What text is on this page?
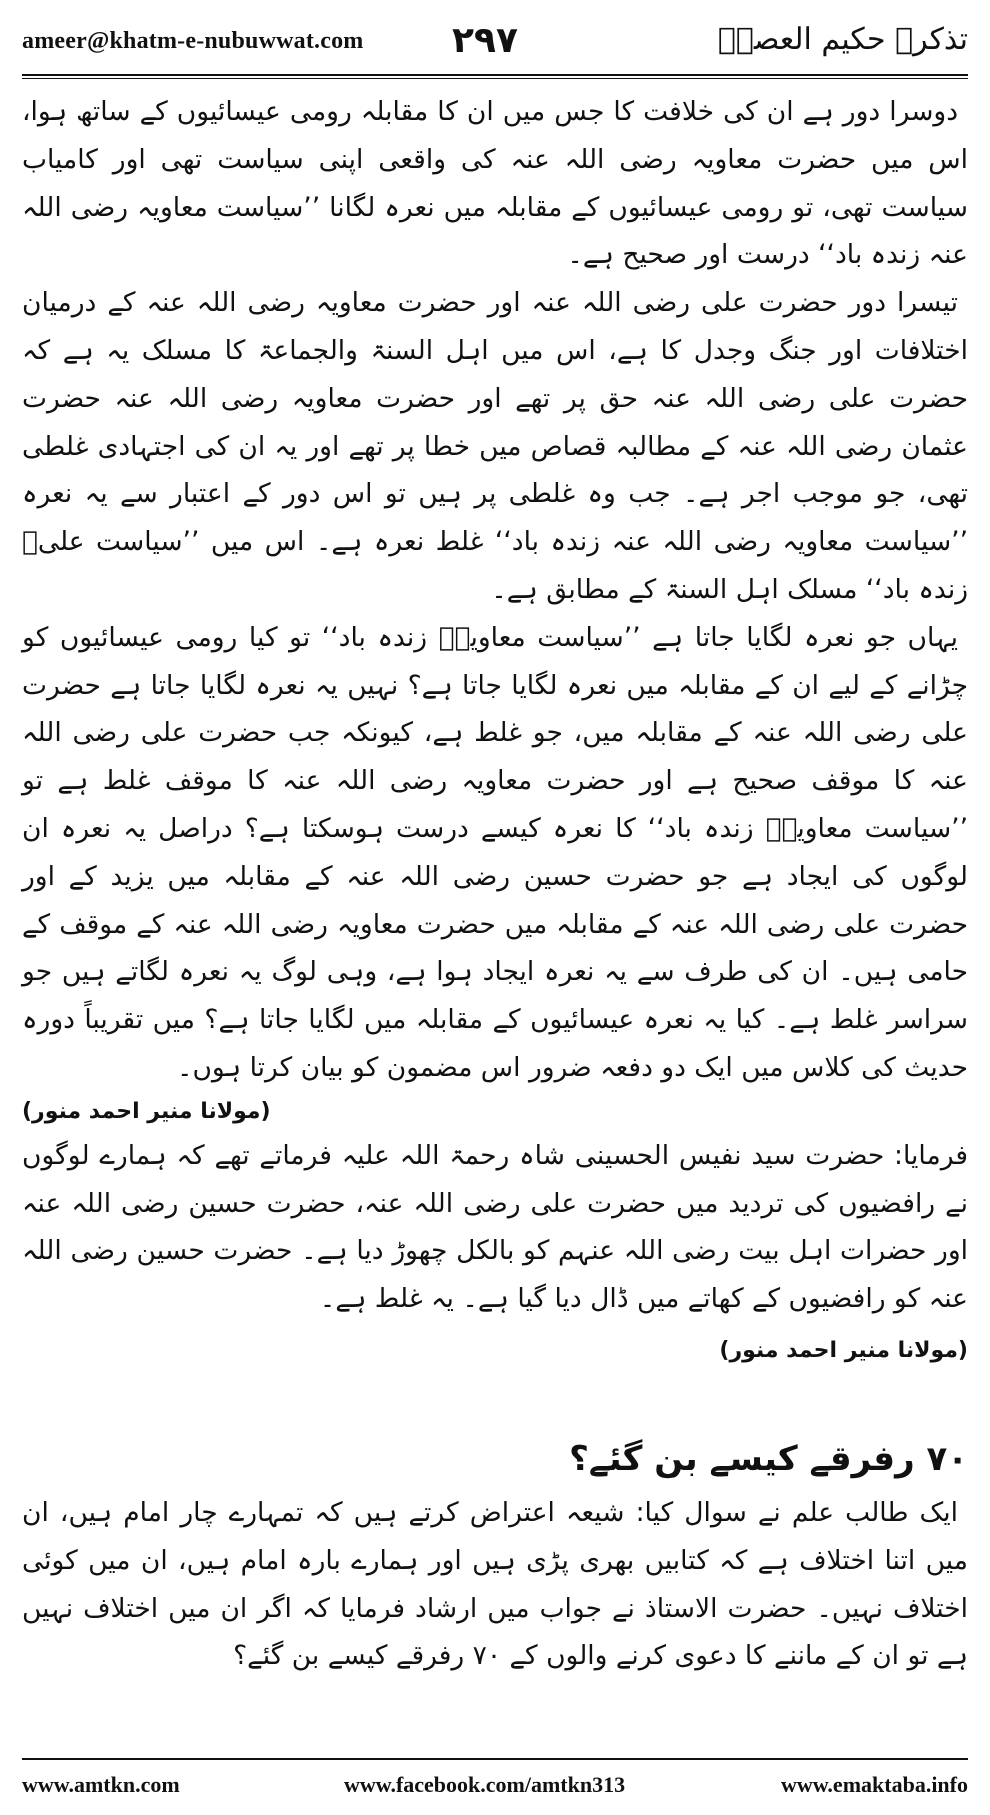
ameer@khatm-e-nubuwwat.com ۲۹۷	تذکرہ حکیم العصرؒ

دوسرا دور ہے ان کی خلافت کا جس میں ان کا مقابلہ رومی عیسائیوں کے ساتھ ہوا، اس میں حضرت معاویہ رضی اللہ عنہ کی واقعی اپنی سیاست تھی اور کامیاب سیاست تھی، تو رومی عیسائیوں کے مقابلہ میں نعرہ لگانا ’’سیاست معاویہ رضی اللہ عنہ زندہ باد‘‘ درست اور صحیح ہے۔

تیسرا دور حضرت علی رضی اللہ عنہ اور حضرت معاویہ رضی اللہ عنہ کے درمیان اختلافات اور جنگ وجدل کا ہے، اس میں اہل السنۃ والجماعۃ کا مسلک یہ ہے کہ حضرت علی رضی اللہ عنہ حق پر تھے اور حضرت معاویہ رضی اللہ عنہ حضرت عثمان رضی اللہ عنہ کے مطالبہ قصاص میں خطا پر تھے اور یہ ان کی اجتہادی غلطی تھی، جو موجب اجر ہے۔ جب وہ غلطی پر ہیں تو اس دور کے اعتبار سے یہ نعرہ ’’سیاست معاویہ رضی اللہ عنہ زندہ باد‘‘ غلط نعرہ ہے۔ اس میں ’’سیاست علیؓ زندہ باد‘‘ مسلک اہل السنۃ کے مطابق ہے۔

یہاں جو نعرہ لگایا جاتا ہے ’’سیاست معاویہؓ زندہ باد‘‘ تو کیا رومی عیسائیوں کو چڑانے کے لیے ان کے مقابلہ میں نعرہ لگایا جاتا ہے؟ نہیں یہ نعرہ لگایا جاتا ہے حضرت علی رضی اللہ عنہ کے مقابلہ میں، جو غلط ہے، کیونکہ جب حضرت علی رضی اللہ عنہ کا موقف صحیح ہے اور حضرت معاویہ رضی اللہ عنہ کا موقف غلط ہے تو ’’سیاست معاویہؓ زندہ باد‘‘ کا نعرہ کیسے درست ہوسکتا ہے؟ دراصل یہ نعرہ ان لوگوں کی ایجاد ہے جو حضرت حسین رضی اللہ عنہ کے مقابلہ میں یزید کے اور حضرت علی رضی اللہ عنہ کے مقابلہ میں حضرت معاویہ رضی اللہ عنہ کے موقف کے حامی ہیں۔ ان کی طرف سے یہ نعرہ ایجاد ہوا ہے، وہی لوگ یہ نعرہ لگاتے ہیں جو سراسر غلط ہے۔ کیا یہ نعرہ عیسائیوں کے مقابلہ میں لگایا جاتا ہے؟ میں تقریباً دورہ حدیث کی کلاس میں ایک دو دفعہ ضرور اس مضمون کو بیان کرتا ہوں۔

(مولانا منیر احمد منور)

فرمایا: حضرت سید نفیس الحسینی شاہ رحمۃ اللہ علیہ فرماتے تھے کہ ہمارے لوگوں نے رافضیوں کی تردید میں حضرت علی رضی اللہ عنہ، حضرت حسین رضی اللہ عنہ اور حضرات اہل بیت رضی اللہ عنہم کو بالکل چھوڑ دیا ہے۔ حضرت حسین رضی اللہ عنہ کو رافضیوں کے کھاتے میں ڈال دیا گیا ہے۔ یہ غلط ہے۔

(مولانا منیر احمد منور)
۷۰ رفرقے کیسے بن گئے؟

ایک طالب علم نے سوال کیا: شیعہ اعتراض کرتے ہیں کہ تمہارے چار امام ہیں، ان میں اتنا اختلاف ہے کہ کتابیں بھری پڑی ہیں اور ہمارے بارہ امام ہیں، ان میں کوئی اختلاف نہیں۔ حضرت الاستاذ نے جواب میں ارشاد فرمایا کہ اگر ان میں اختلاف نہیں ہے تو ان کے ماننے کا دعوی کرنے والوں کے ۷۰ رفرقے کیسے بن گئے؟

www.amtkn.com	www.facebook.com/amtkn313	www.emaktaba.info
